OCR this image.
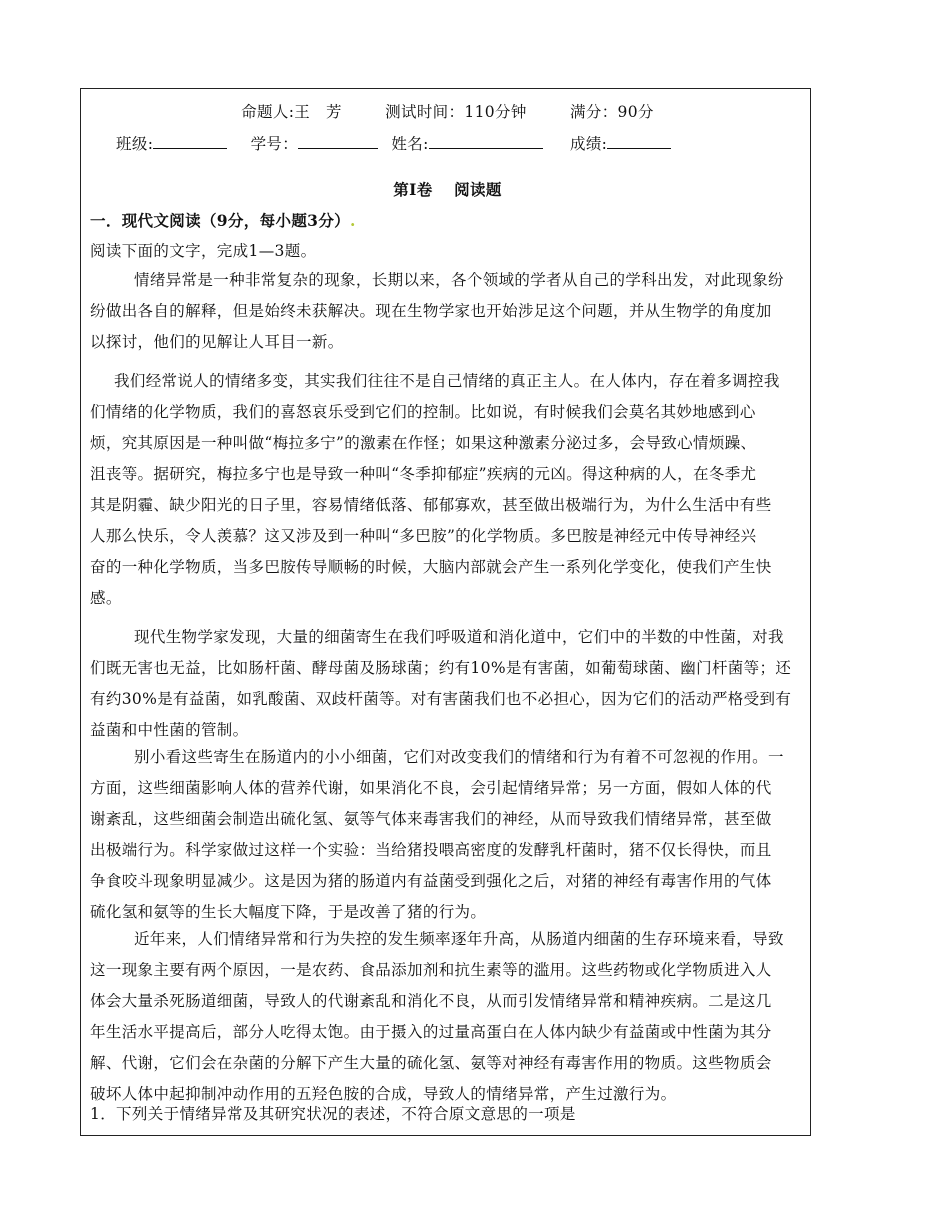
命题人:王　芳	测试时间：110分钟	满分：90分
班级:	学号：	姓名:	成绩:
第Ⅰ卷　 阅读题
一．现代文阅读（9分，每小题3分）.
阅读下面的文字，完成1—3题。
情绪异常是一种非常复杂的现象，长期以来，各个领域的学者从自己的学科出发，对此现象纷
纷做出各自的解释，但是始终未获解决。现在生物学家也开始涉足这个问题，并从生物学的角度加
以探讨，他们的见解让人耳目一新。
我们经常说人的情绪多变，其实我们往往不是自己情绪的真正主人。在人体内，存在着多调控我
们情绪的化学物质，我们的喜怒哀乐受到它们的控制。比如说，有时候我们会莫名其妙地感到心
烦，究其原因是一种叫做“梅拉多宁”的激素在作怪；如果这种激素分泌过多，会导致心情烦躁、
沮丧等。据研究，梅拉多宁也是导致一种叫“冬季抑郁症”疾病的元凶。得这种病的人，在冬季尤
其是阴霾、缺少阳光的日子里，容易情绪低落、郁郁寡欢，甚至做出极端行为，为什么生活中有些
人那么快乐，令人羡慕？这又涉及到一种叫“多巴胺”的化学物质。多巴胺是神经元中传导神经兴
奋的一种化学物质，当多巴胺传导顺畅的时候，大脑内部就会产生一系列化学变化，使我们产生快
感。
现代生物学家发现，大量的细菌寄生在我们呼吸道和消化道中，它们中的半数的中性菌，对我
们既无害也无益，比如肠杆菌、酵母菌及肠球菌；约有10%是有害菌，如葡萄球菌、幽门杆菌等；还
有约30%是有益菌，如乳酸菌、双歧杆菌等。对有害菌我们也不必担心，因为它们的活动严格受到有
益菌和中性菌的管制。
别小看这些寄生在肠道内的小小细菌，它们对改变我们的情绪和行为有着不可忽视的作用。一
方面，这些细菌影响人体的营养代谢，如果消化不良，会引起情绪异常；另一方面，假如人体的代
谢紊乱，这些细菌会制造出硫化氢、氨等气体来毒害我们的神经，从而导致我们情绪异常，甚至做
出极端行为。科学家做过这样一个实验：当给猪投喂高密度的发酵乳杆菌时，猪不仅长得快，而且
争食咬斗现象明显减少。这是因为猪的肠道内有益菌受到强化之后，对猪的神经有毒害作用的气体
硫化氢和氨等的生长大幅度下降，于是改善了猪的行为。
近年来，人们情绪异常和行为失控的发生频率逐年升高，从肠道内细菌的生存环境来看，导致
这一现象主要有两个原因，一是农药、食品添加剂和抗生素等的滥用。这些药物或化学物质进入人
体会大量杀死肠道细菌，导致人的代谢紊乱和消化不良，从而引发情绪异常和精神疾病。二是这几
年生活水平提高后，部分人吃得太饱。由于摄入的过量高蛋白在人体内缺少有益菌或中性菌为其分
解、代谢，它们会在杂菌的分解下产生大量的硫化氢、氨等对神经有毒害作用的物质。这些物质会
破坏人体中起抑制冲动作用的五羟色胺的合成，导致人的情绪异常，产生过激行为。
1．下列关于情绪异常及其研究状况的表述，不符合原文意思的一项是
